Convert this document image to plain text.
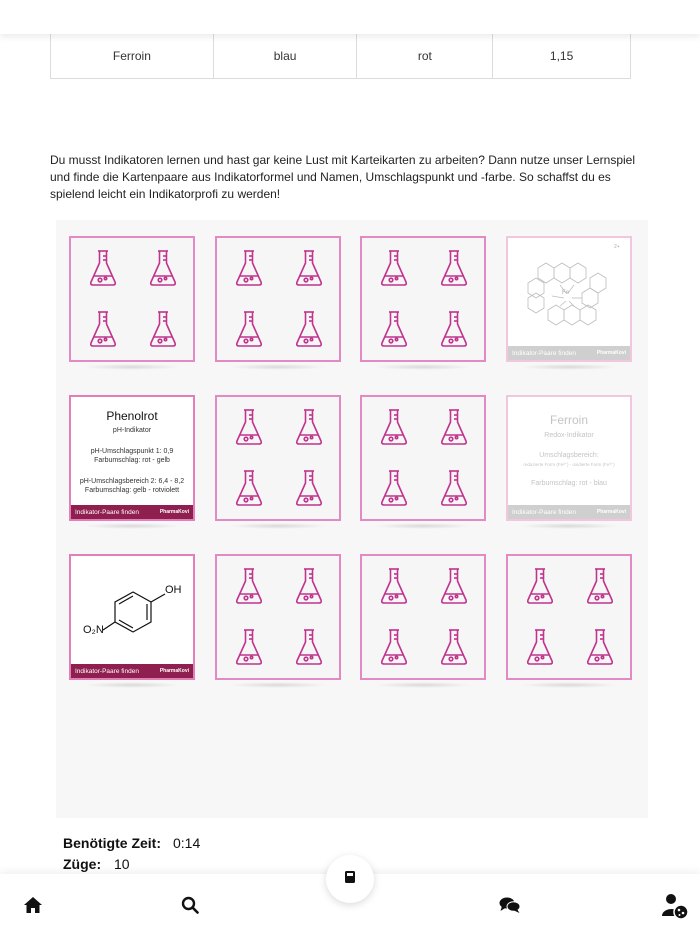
Ferroin	blau	rot	1,15

Du musst Indikatoren lernen und hast gar keine Lust mit Karteikarten zu arbeiten? Dann nutze unser Lernspiel und finde die Kartenpaare aus Indikatorformel und Namen, Umschlagspunkt und -farbe. So schaffst du es spielend leicht ein Indikatorprofi zu werden!

Fe
2+
Indikator-Paare finden	PharmaKovi
Phenolrot
pH-Indikator
pH-Umschlagspunkt 1: 0,9
Farbumschlag: rot - gelb
pH-Umschlagsbereich 2: 6,4 - 8,2
Farbumschlag: gelb - rotviolett
Indikator-Paare finden	PharmaKovi
Ferroin
Redox-Indikator
Umschlagsbereich:
reduzierte Form (Fe²⁺) - oxidierte Form (Fe³⁺)
Farbumschlag: rot - blau
Indikator-Paare finden	PharmaKovi
OH
O₂N
Indikator-Paare finden	PharmaKovi
Benötigte Zeit: 0:14
Züge: 10
